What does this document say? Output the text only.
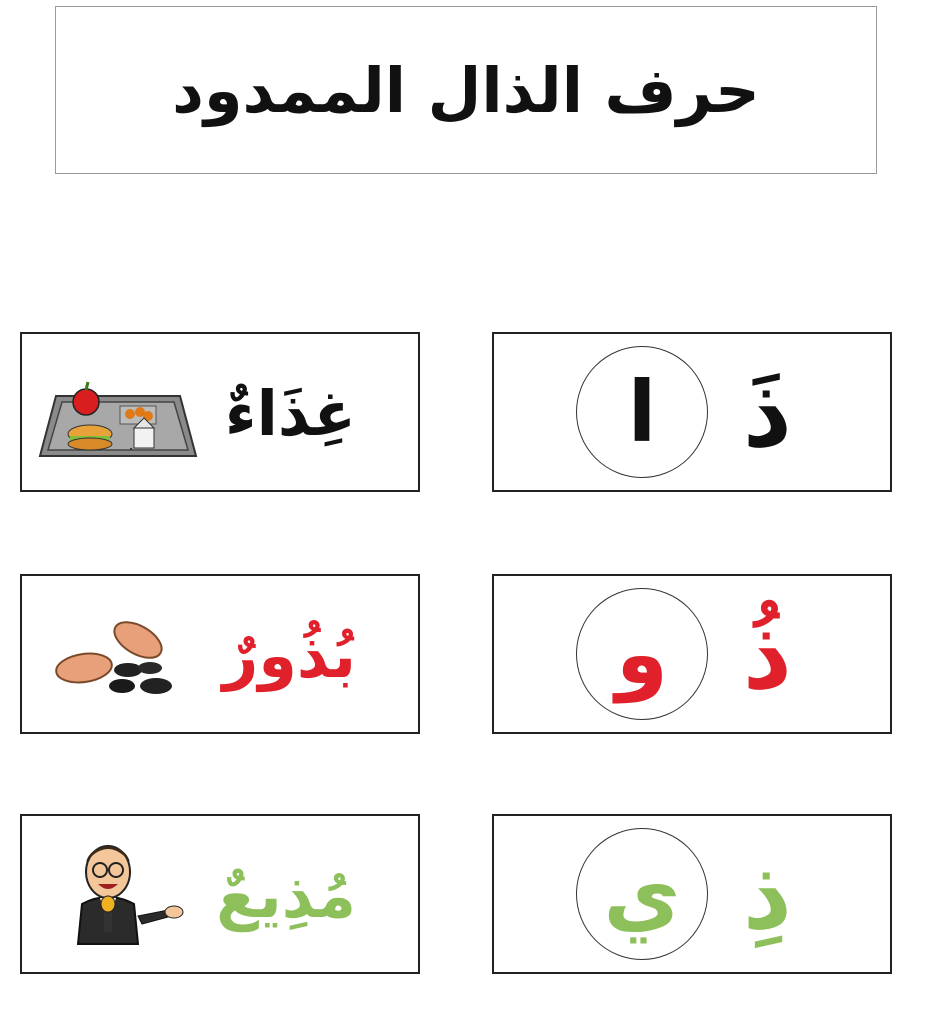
حرف الذال الممدود
ذَ
ا
غِذَاءٌ
ذُ
و
بُذُورٌ
ذِ
ي
مُذِيعٌ
